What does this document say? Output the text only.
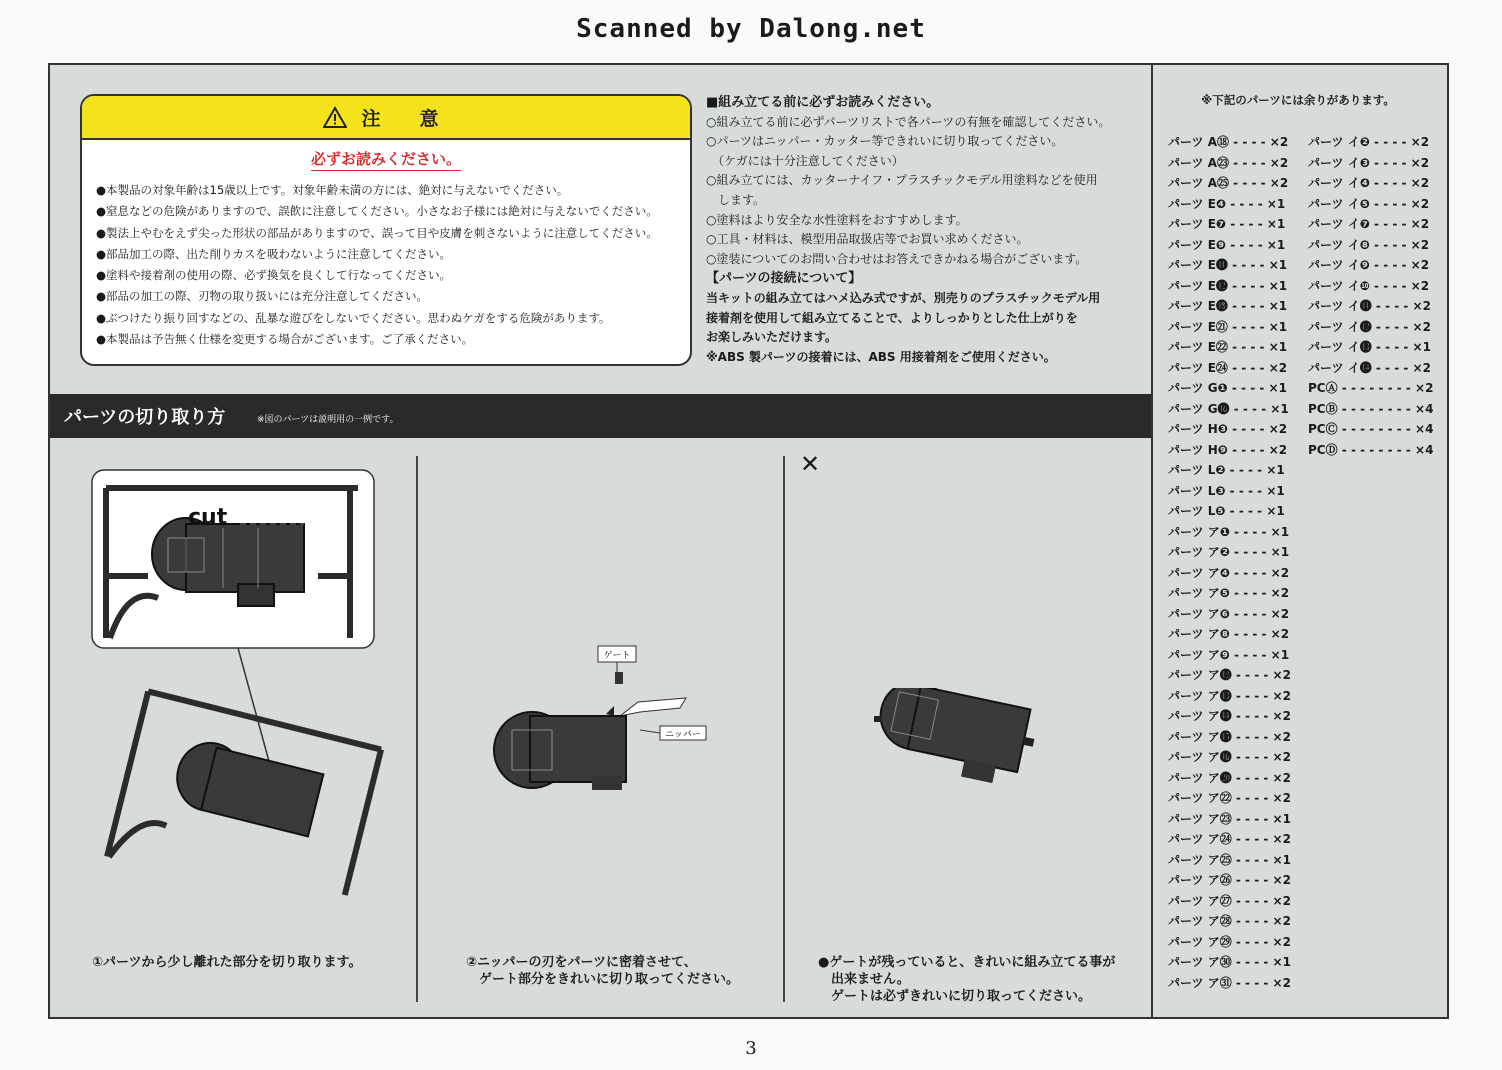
Scanned by Dalong.net
注　意
必ずお読みください。
●本製品の対象年齢は15歳以上です。対象年齢未満の方には、絶対に与えないでください。
●窒息などの危険がありますので、誤飲に注意してください。小さなお子様には絶対に与えないでください。
●製法上やむをえず尖った形状の部品がありますので、誤って目や皮膚を刺さないように注意してください。
●部品加工の際、出た削りカスを吸わないように注意してください。
●塗料や接着剤の使用の際、必ず換気を良くして行なってください。
●部品の加工の際、刃物の取り扱いには充分注意してください。
●ぶつけたり振り回すなどの、乱暴な遊びをしないでください。思わぬケガをする危険があります。
●本製品は予告無く仕様を変更する場合がございます。ご了承ください。
■組み立てる前に必ずお読みください。
○組み立てる前に必ずパーツリストで各パーツの有無を確認してください。
○パーツはニッパー・カッター等できれいに切り取ってください。
　（ケガには十分注意してください）
○組み立てには、カッターナイフ・プラスチックモデル用塗料などを使用
　します。
○塗料はより安全な水性塗料をおすすめします。
○工具・材料は、模型用品取扱店等でお買い求めください。
○塗装についてのお問い合わせはお答えできかねる場合がございます。
【パーツの接続について】
当キットの組み立てはハメ込み式ですが、別売りのプラスチックモデル用
接着剤を使用して組み立てることで、よりしっかりとした仕上がりを
お楽しみいただけます。
※ABS 製パーツの接着には、ABS 用接着剤をご使用ください。
パーツの切り取り方	※図のパーツは説明用の一例です。
cut
ゲート
ニッパー
✕
①パーツから少し離れた部分を切り取ります。	②ニッパーの刃をパーツに密着させて、
　ゲート部分をきれいに切り取ってください。
●ゲートが残っていると、きれいに組み立てる事が
　出来ません。
　ゲートは必ずきれいに切り取ってください。
※下記のパーツには余りがあります。
パーツ A⑱ - - - - ×2
パーツ A㉓ - - - - ×2
パーツ A㉕ - - - - ×2
パーツ E❹ - - - - ×1
パーツ E❼ - - - - ×1
パーツ E❾ - - - - ×1
パーツ E⓫ - - - - ×1
パーツ E⓬ - - - - ×1
パーツ E⓲ - - - - ×1
パーツ E㉑ - - - - ×1
パーツ E㉒ - - - - ×1
パーツ E㉔ - - - - ×2
パーツ G❶ - - - - ×1
パーツ G⓰ - - - - ×1
パーツ H❸ - - - - ×2
パーツ H❾ - - - - ×2
パーツ L❷ - - - - ×1
パーツ L❸ - - - - ×1
パーツ L❺ - - - - ×1
パーツ ア❶ - - - - ×1
パーツ ア❷ - - - - ×1
パーツ ア❹ - - - - ×2
パーツ ア❺ - - - - ×2
パーツ ア❻ - - - - ×2
パーツ ア❽ - - - - ×2
パーツ ア❾ - - - - ×1
パーツ ア⓬ - - - - ×2
パーツ ア⓭ - - - - ×2
パーツ ア⓮ - - - - ×2
パーツ ア⓯ - - - - ×2
パーツ ア⓰ - - - - ×2
パーツ ア⓴ - - - - ×2
パーツ ア㉒ - - - - ×2
パーツ ア㉓ - - - - ×1
パーツ ア㉔ - - - - ×2
パーツ ア㉕ - - - - ×1
パーツ ア㉖ - - - - ×2
パーツ ア㉗ - - - - ×2
パーツ ア㉘ - - - - ×2
パーツ ア㉙ - - - - ×2
パーツ ア㉚ - - - - ×1
パーツ ア㉛ - - - - ×2
パーツ イ❷ - - - - ×2
パーツ イ❸ - - - - ×2
パーツ イ❹ - - - - ×2
パーツ イ❺ - - - - ×2
パーツ イ❼ - - - - ×2
パーツ イ❽ - - - - ×2
パーツ イ❾ - - - - ×2
パーツ イ❿ - - - - ×2
パーツ イ⓫ - - - - ×2
パーツ イ⓬ - - - - ×2
パーツ イ⓭ - - - - ×1
パーツ イ⓮ - - - - ×2
PCⒶ - - - - - - - - ×2
PCⒷ - - - - - - - - ×4
PCⒸ - - - - - - - - ×4
PCⒹ - - - - - - - - ×4
3
